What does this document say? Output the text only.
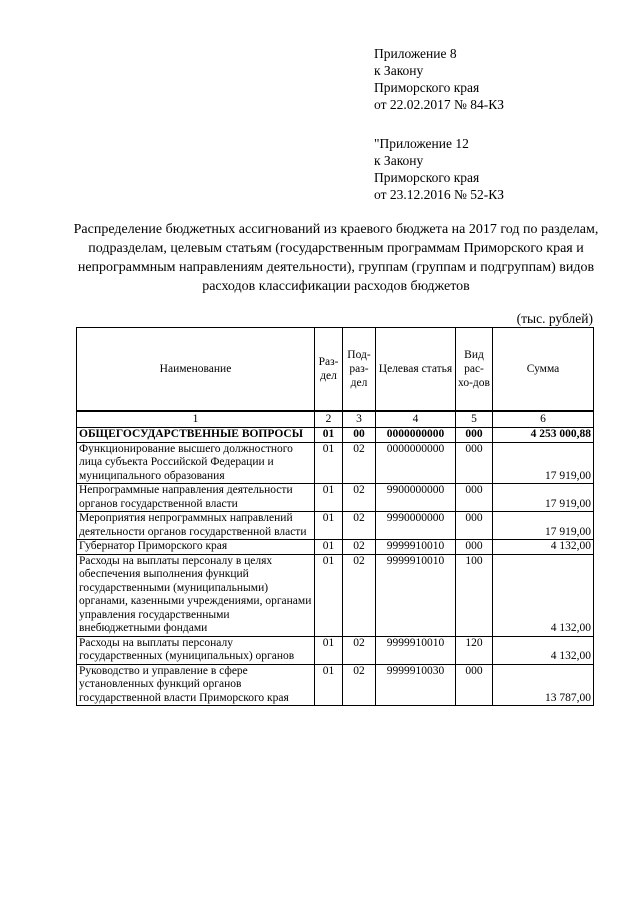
Приложение 8
к Закону
Приморского края
от 22.02.2017 № 84-КЗ
"Приложение 12
к Закону
Приморского края
от 23.12.2016 № 52-КЗ
Распределение бюджетных ассигнований из краевого бюджета на 2017 год по разделам, подразделам, целевым статьям (государственным программам Приморского края и непрограммным направлениям деятельности), группам (группам и подгруппам) видов расходов классификации расходов бюджетов
(тыс. рублей)
Наименование	Раз-дел	Под-раз-дел	Целевая статья	Вид рас-хо-дов	Сумма
1	2	3	4	5	6
ОБЩЕГОСУДАРСТВЕННЫЕ ВОПРОСЫ	01	00	0000000000	000	4 253 000,88
Функционирование высшего должностного лица субъекта Российской Федерации и муниципального образования	01	02	0000000000	000	17 919,00
Непрограммные направления деятельности органов государственной власти	01	02	9900000000	000	17 919,00
Мероприятия непрограммных направлений деятельности органов государственной власти	01	02	9990000000	000	17 919,00
Губернатор Приморского края	01	02	9999910010	000	4 132,00
Расходы на выплаты персоналу в целях обеспечения выполнения функций государственными (муниципальными) органами, казенными учреждениями, органами управления государственными внебюджетными фондами	01	02	9999910010	100	4 132,00
Расходы на выплаты персоналу государственных (муниципальных) органов	01	02	9999910010	120	4 132,00
Руководство и управление в сфере установленных функций органов государственной власти Приморского края	01	02	9999910030	000	13 787,00
